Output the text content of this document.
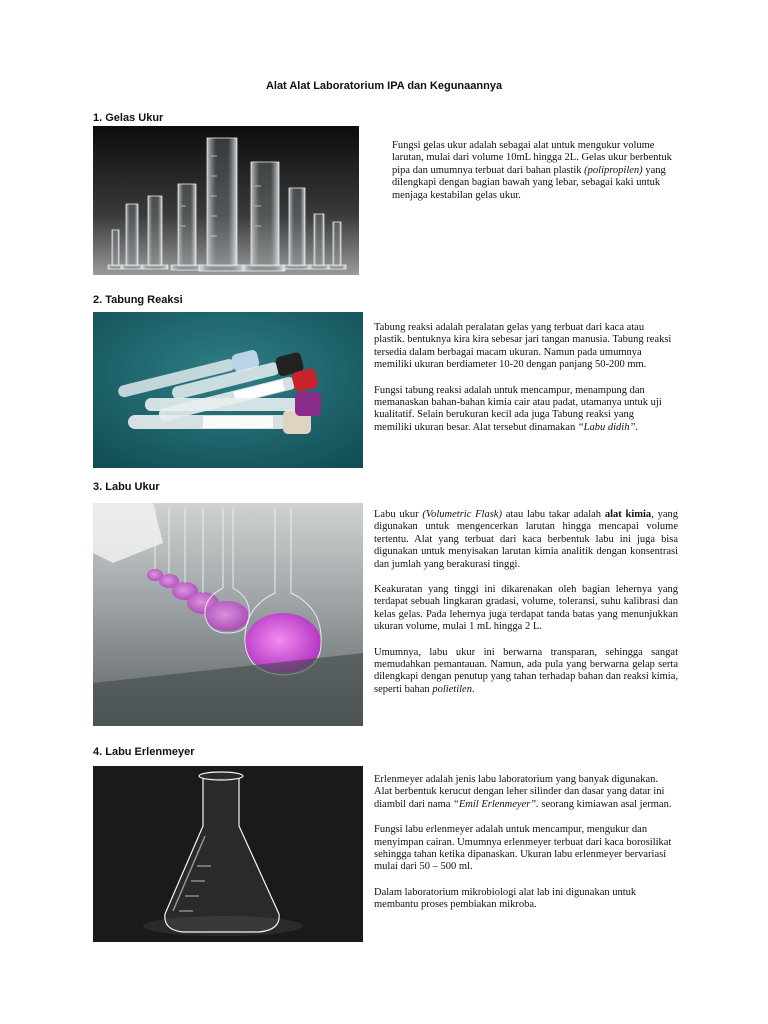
Alat Alat Laboratorium IPA dan Kegunaannya
1. Gelas Ukur

Fungsi gelas ukur adalah sebagai alat untuk mengukur volume larutan, mulai dari volume 10mL hingga 2L. Gelas ukur berbentuk pipa dan umumnya terbuat dari bahan plastik (polipropilen) yang dilengkapi dengan bagian bawah yang lebar, sebagai kaki untuk menjaga kestabilan gelas ukur.

2. Tabung Reaksi

Tabung reaksi adalah peralatan gelas yang terbuat dari kaca atau plastik. bentuknya kira kira sebesar jari tangan manusia. Tabung reaksi tersedia dalam berbagai macam ukuran. Namun pada umumnya memiliki ukuran berdiameter 10-20 dengan panjang 50-200 mm.

Fungsi tabung reaksi adalah untuk mencampur, menampung dan memanaskan bahan-bahan kimia cair atau padat, utamanya untuk uji kualitatif. Selain berukuran kecil ada juga Tabung reaksi yang memiliki ukuran besar. Alat tersebut dinamakan “Labu didih”.

3. Labu Ukur

Labu ukur (Volumetric Flask) atau labu takar adalah alat kimia, yang digunakan untuk mengencerkan larutan hingga mencapai volume tertentu. Alat yang terbuat dari kaca berbentuk labu ini juga bisa digunakan untuk menyisakan larutan kimia analitik dengan konsentrasi dan jumlah yang berakurasi tinggi.

Keakuratan yang tinggi ini dikarenakan oleh bagian lehernya yang terdapat sebuah lingkaran gradasi, volume, toleransi, suhu kalibrasi dan kelas gelas. Pada lehernya juga terdapat tanda batas yang menunjukkan ukuran volume, mulai 1 mL hingga 2 L.

Umumnya, labu ukur ini berwarna transparan, sehingga sangat memudahkan pemantauan. Namun, ada pula yang berwarna gelap serta dilengkapi dengan penutup yang tahan terhadap bahan dan reaksi kimia, seperti bahan polietilen.

4. Labu Erlenmeyer

Erlenmeyer adalah jenis labu laboratorium yang banyak digunakan. Alat berbentuk kerucut dengan leher silinder dan dasar yang datar ini diambil dari nama “Emil Erlenmeyer”. seorang kimiawan asal jerman.

Fungsi labu erlenmeyer adalah untuk mencampur, mengukur dan menyimpan cairan. Umumnya erlenmeyer terbuat dari kaca borosilikat sehingga tahan ketika dipanaskan. Ukuran labu erlenmeyer bervariasi mulai dari 50 – 500 ml.

Dalam laboratorium mikrobiologi alat lab ini digunakan untuk membantu proses pembiakan mikroba.
